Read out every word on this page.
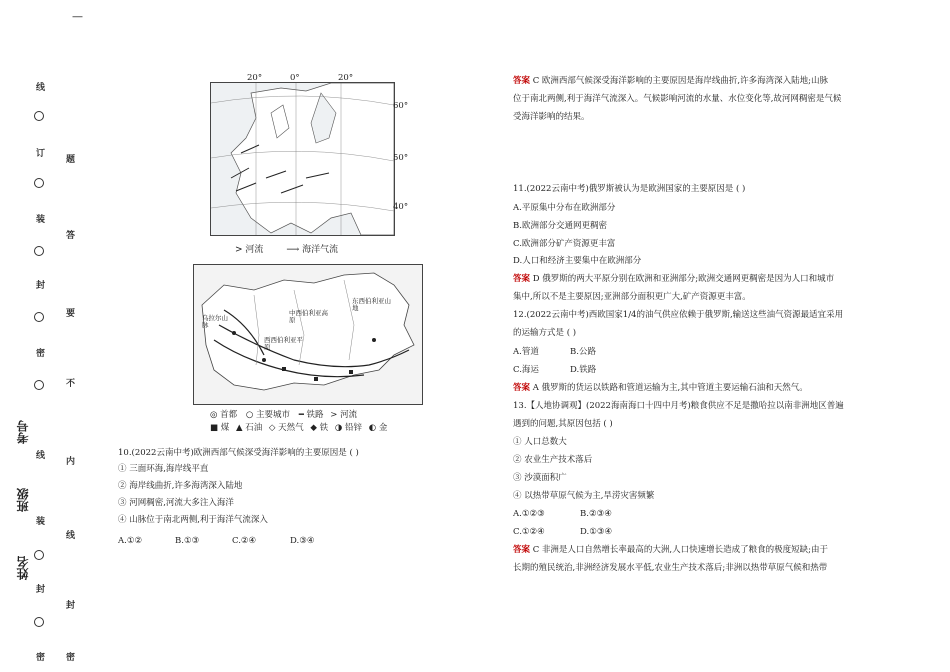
—
线
订
装
封
密
线
装
封
密
考号
班级
姓名
题
答
要
不
内
线
封
密
20°	0°	20°
60°
50°
40°
> 河流	⟶ 海洋气流
中西伯利亚高原
东西伯利亚山地
西西伯利亚平原
乌拉尔山脉
◎ 首都 ○ 主要城市 ━ 铁路 > 河流
■ 煤 ▲ 石油 ◇ 天然气 ◆ 铁 ◑ 铅锌 ◐ 金
10.(2022云南中考)欧洲西部气候深受海洋影响的主要原因是 ( )
① 三面环海,海岸线平直
② 海岸线曲折,许多海湾深入陆地
③ 河网稠密,河流大多注入海洋
④ 山脉位于南北两侧,利于海洋气流深入
A.①②	B.①③	C.②④	D.③④
答案 C 欧洲西部气候深受海洋影响的主要原因是海岸线曲折,许多海湾深入陆地;山脉
位于南北两侧,利于海洋气流深入。气候影响河流的水量、水位变化等,故河网稠密是气候
受海洋影响的结果。
11.(2022云南中考)俄罗斯被认为是欧洲国家的主要原因是 ( )
A.平原集中分布在欧洲部分
B.欧洲部分交通网更稠密
C.欧洲部分矿产资源更丰富
D.人口和经济主要集中在欧洲部分
答案 D 俄罗斯的两大平原分别在欧洲和亚洲部分;欧洲交通网更稠密是因为人口和城市
集中,所以不是主要原因;亚洲部分面积更广大,矿产资源更丰富。
12.(2022云南中考)西欧国家1/4的油气供应依赖于俄罗斯,输送这些油气资源最适宜采用
的运输方式是 ( )
A.管道	B.公路
C.海运	D.铁路
答案 A 俄罗斯的货运以铁路和管道运输为主,其中管道主要运输石油和天然气。
13.【人地协调观】(2022海南海口十四中月考)粮食供应不足是撒哈拉以南非洲地区普遍
遇到的问题,其原因包括 ( )
① 人口总数大
② 农业生产技术落后
③ 沙漠面积广
④ 以热带草原气候为主,旱涝灾害频繁
A.①②③	B.②③④
C.①②④	D.①③④
答案 C 非洲是人口自然增长率最高的大洲,人口快速增长造成了粮食的极度短缺;由于
长期的殖民统治,非洲经济发展水平低,农业生产技术落后;非洲以热带草原气候和热带
